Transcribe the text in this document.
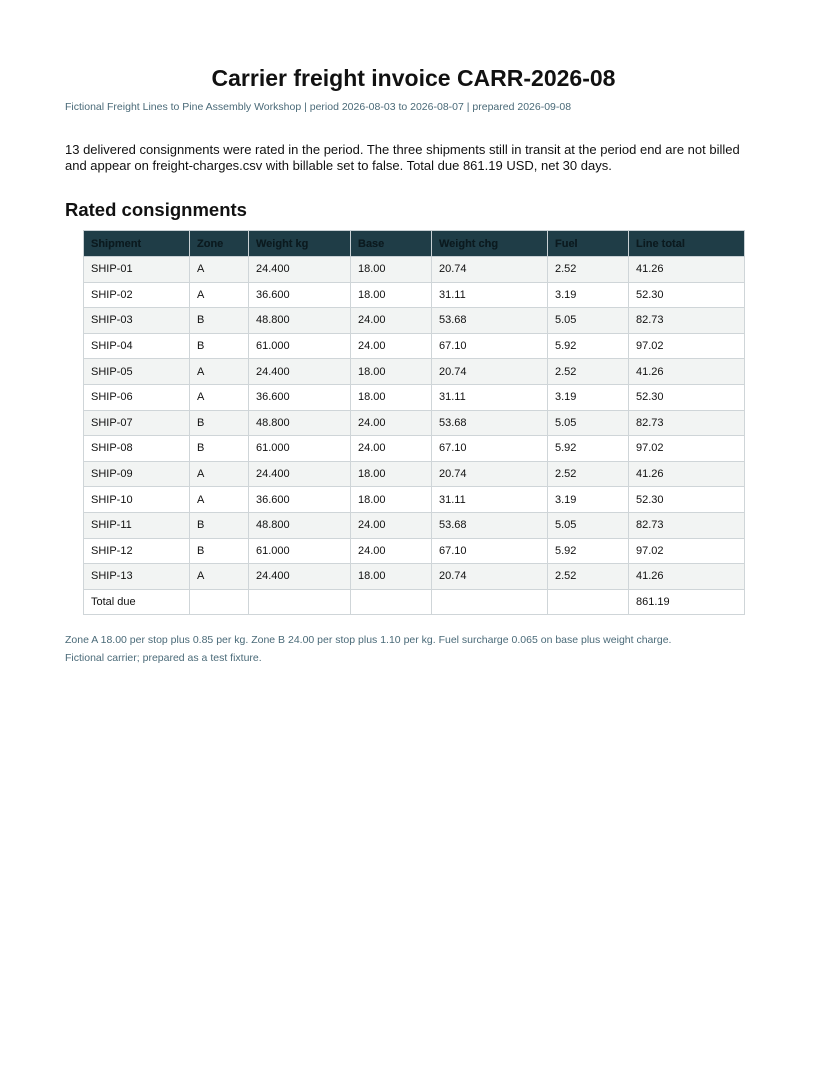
Carrier freight invoice CARR-2026-08

Fictional Freight Lines to Pine Assembly Workshop | period 2026-08-03 to 2026-08-07 | prepared 2026-09-08

13 delivered consignments were rated in the period. The three shipments still in transit at the period end are not billed and appear on freight-charges.csv with billable set to false. Total due 861.19 USD, net 30 days.

Rated consignments
Shipment	Zone	Weight kg	Base	Weight chg	Fuel	Line total
SHIP-01	A	24.400	18.00	20.74	2.52	41.26
SHIP-02	A	36.600	18.00	31.11	3.19	52.30
SHIP-03	B	48.800	24.00	53.68	5.05	82.73
SHIP-04	B	61.000	24.00	67.10	5.92	97.02
SHIP-05	A	24.400	18.00	20.74	2.52	41.26
SHIP-06	A	36.600	18.00	31.11	3.19	52.30
SHIP-07	B	48.800	24.00	53.68	5.05	82.73
SHIP-08	B	61.000	24.00	67.10	5.92	97.02
SHIP-09	A	24.400	18.00	20.74	2.52	41.26
SHIP-10	A	36.600	18.00	31.11	3.19	52.30
SHIP-11	B	48.800	24.00	53.68	5.05	82.73
SHIP-12	B	61.000	24.00	67.10	5.92	97.02
SHIP-13	A	24.400	18.00	20.74	2.52	41.26
Total due						861.19
Zone A 18.00 per stop plus 0.85 per kg. Zone B 24.00 per stop plus 1.10 per kg. Fuel surcharge 0.065 on base plus weight charge.
Fictional carrier; prepared as a test fixture.
